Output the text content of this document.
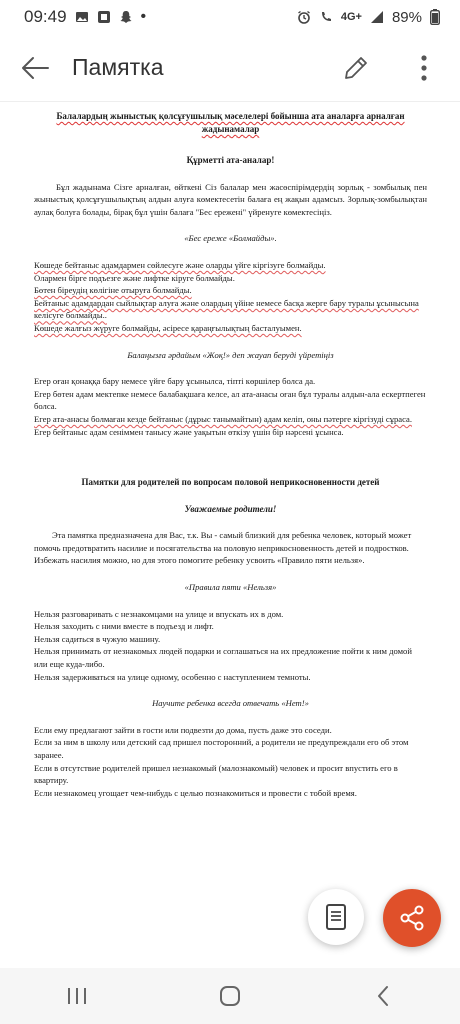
09:49	•	4G+ 89%
Памятка

Балалардың жыныстық қолсұғушылық мәселелері бойынша ата аналарға арналған жадынамалар

Құрметті ата-аналар!

Бұл жадынама Сізге арналған, өйткені Сіз балалар мен жасөспірімдердің зорлық - зомбылық пен жыныстық қолсұғушылықтың алдын алуға көмектесетін балаға ең жақын адамсыз. Зорлық-зомбылықтан аулақ болуға болады, бірақ бұл үшін балаға "Бес ережені" үйренуге көмектесіңіз.

«Бес ереже «Болмайды».

Көшеде бейтаныс адамдармен сөйлесуге және оларды үйге кіргізуге болмайды.

Олармен бірге подъезге және лифтке кіруге болмайды.

Бөтен біреудің көлігіне отыруға болмайды.

Бейтаныс адамдардан сыйлықтар алуға және олардың үйіне немесе басқа жерге бару туралы ұсынысына келісуге болмайды..

Көшеде жалғыз жүруге болмайды, әсіресе қараңғылықтың басталуымен.

Балаңызға әрдайым «Жоқ!» деп жауап беруді үйретіңіз

Егер оған қонаққа бару немесе үйге бару ұсынылса, тіпті көршілер болса да.

Егер бөтен адам мектепке немесе балабақшаға келсе, ал ата-анасы оған бұл туралы алдын-ала ескертпеген болса.

Егер ата-анасы болмаған кезде бейтаныс (дұрыс танымайтын) адам келіп, оны пәтерге кіргізуді сұраса.

Егер бейтаныс адам сеніммен танысу және уақытын өткізу үшін бір нәрсені ұсынса.

Памятки для родителей по вопросам половой неприкосновенности детей

Уважаемые родители!

Эта памятка предназначена для Вас, т.к. Вы - самый близкий для ребенка человек, который может помочь предотвратить насилие и посягательства на половую неприкосновенность детей и подростков. Избежать насилия можно, но для этого помогите ребенку усвоить «Правило пяти нельзя».

«Правила пяти «Нельзя»

Нельзя разговаривать с незнакомцами на улице и впускать их в дом.

Нельзя заходить с ними вместе в подъезд и лифт.

Нельзя садиться в чужую машину.

Нельзя принимать от незнакомых людей подарки и соглашаться на их предложение пойти к ним домой или еще куда-либо.

Нельзя задерживаться на улице одному, особенно с наступлением темноты.

Научите ребенка всегда отвечать «Нет!»

Если ему предлагают зайти в гости или подвезти до дома, пусть даже это соседи.

Если за ним в школу или детский сад пришел посторонний, а родители не предупреждали его об этом заранее.

Если в отсутствие родителей пришел незнакомый (малознакомый) человек и просит впустить его в квартиру.

Если незнакомец угощает чем-нибудь с целью познакомиться и провести с тобой время.
